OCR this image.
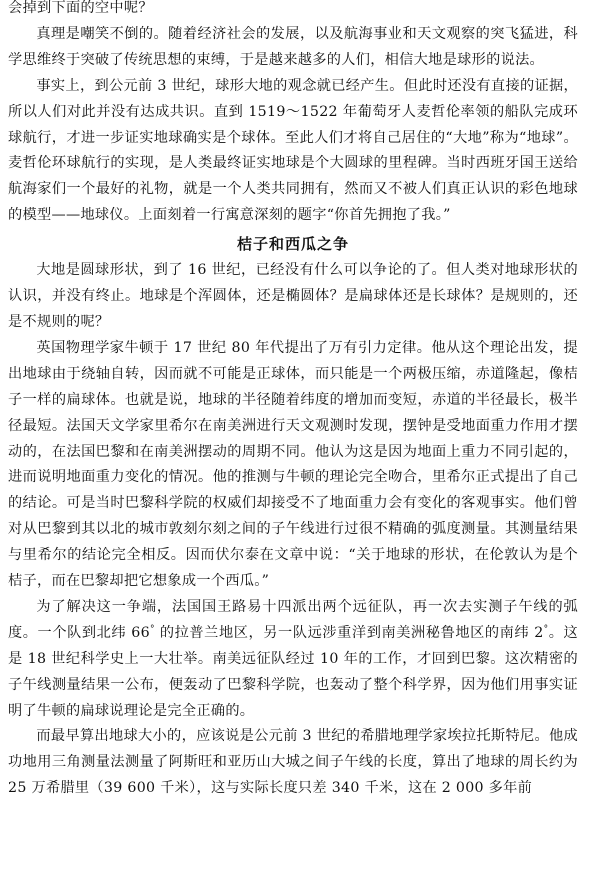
会掉到下面的空中呢？

真理是嘲笑不倒的。随着经济社会的发展，以及航海事业和天文观察的突飞猛进，科学思维终于突破了传统思想的束缚，于是越来越多的人们，相信大地是球形的说法。

事实上，到公元前 3 世纪，球形大地的观念就已经产生。但此时还没有直接的证据，所以人们对此并没有达成共识。直到 1519～1522 年葡萄牙人麦哲伦率领的船队完成环球航行，才进一步证实地球确实是个球体。至此人们才将自己居住的“大地”称为“地球”。麦哲伦环球航行的实现，是人类最终证实地球是个大圆球的里程碑。当时西班牙国王送给航海家们一个最好的礼物，就是一个人类共同拥有，然而又不被人们真正认识的彩色地球的模型——地球仪。上面刻着一行寓意深刻的题字“你首先拥抱了我。”

桔子和西瓜之争

大地是圆球形状，到了 16 世纪，已经没有什么可以争论的了。但人类对地球形状的认识，并没有终止。地球是个浑圆体，还是椭圆体？是扁球体还是长球体？是规则的，还是不规则的呢？

英国物理学家牛顿于 17 世纪 80 年代提出了万有引力定律。他从这个理论出发，提出地球由于绕轴自转，因而就不可能是正球体，而只能是一个两极压缩，赤道隆起，像桔子一样的扁球体。也就是说，地球的半径随着纬度的增加而变短，赤道的半径最长，极半径最短。法国天文学家里希尔在南美洲进行天文观测时发现，摆钟是受地面重力作用才摆动的，在法国巴黎和在南美洲摆动的周期不同。他认为这是因为地面上重力不同引起的，进而说明地面重力变化的情况。他的推测与牛顿的理论完全吻合，里希尔正式提出了自己的结论。可是当时巴黎科学院的权威们却接受不了地面重力会有变化的客观事实。他们曾对从巴黎到其以北的城市敦刻尔刻之间的子午线进行过很不精确的弧度测量。其测量结果与里希尔的结论完全相反。因而伏尔泰在文章中说：“关于地球的形状，在伦敦认为是个桔子，而在巴黎却把它想象成一个西瓜。”

为了解决这一争端，法国国王路易十四派出两个远征队，再一次去实测子午线的弧度。一个队到北纬 66° 的拉普兰地区，另一队远涉重洋到南美洲秘鲁地区的南纬 2°。这是 18 世纪科学史上一大壮举。南美远征队经过 10 年的工作，才回到巴黎。这次精密的子午线测量结果一公布，便轰动了巴黎科学院，也轰动了整个科学界，因为他们用事实证明了牛顿的扁球说理论是完全正确的。

而最早算出地球大小的，应该说是公元前 3 世纪的希腊地理学家埃拉托斯特尼。他成功地用三角测量法测量了阿斯旺和亚历山大城之间子午线的长度，算出了地球的周长约为 25 万希腊里（39 600 千米），这与实际长度只差 340 千米，这在 2 000 多年前
